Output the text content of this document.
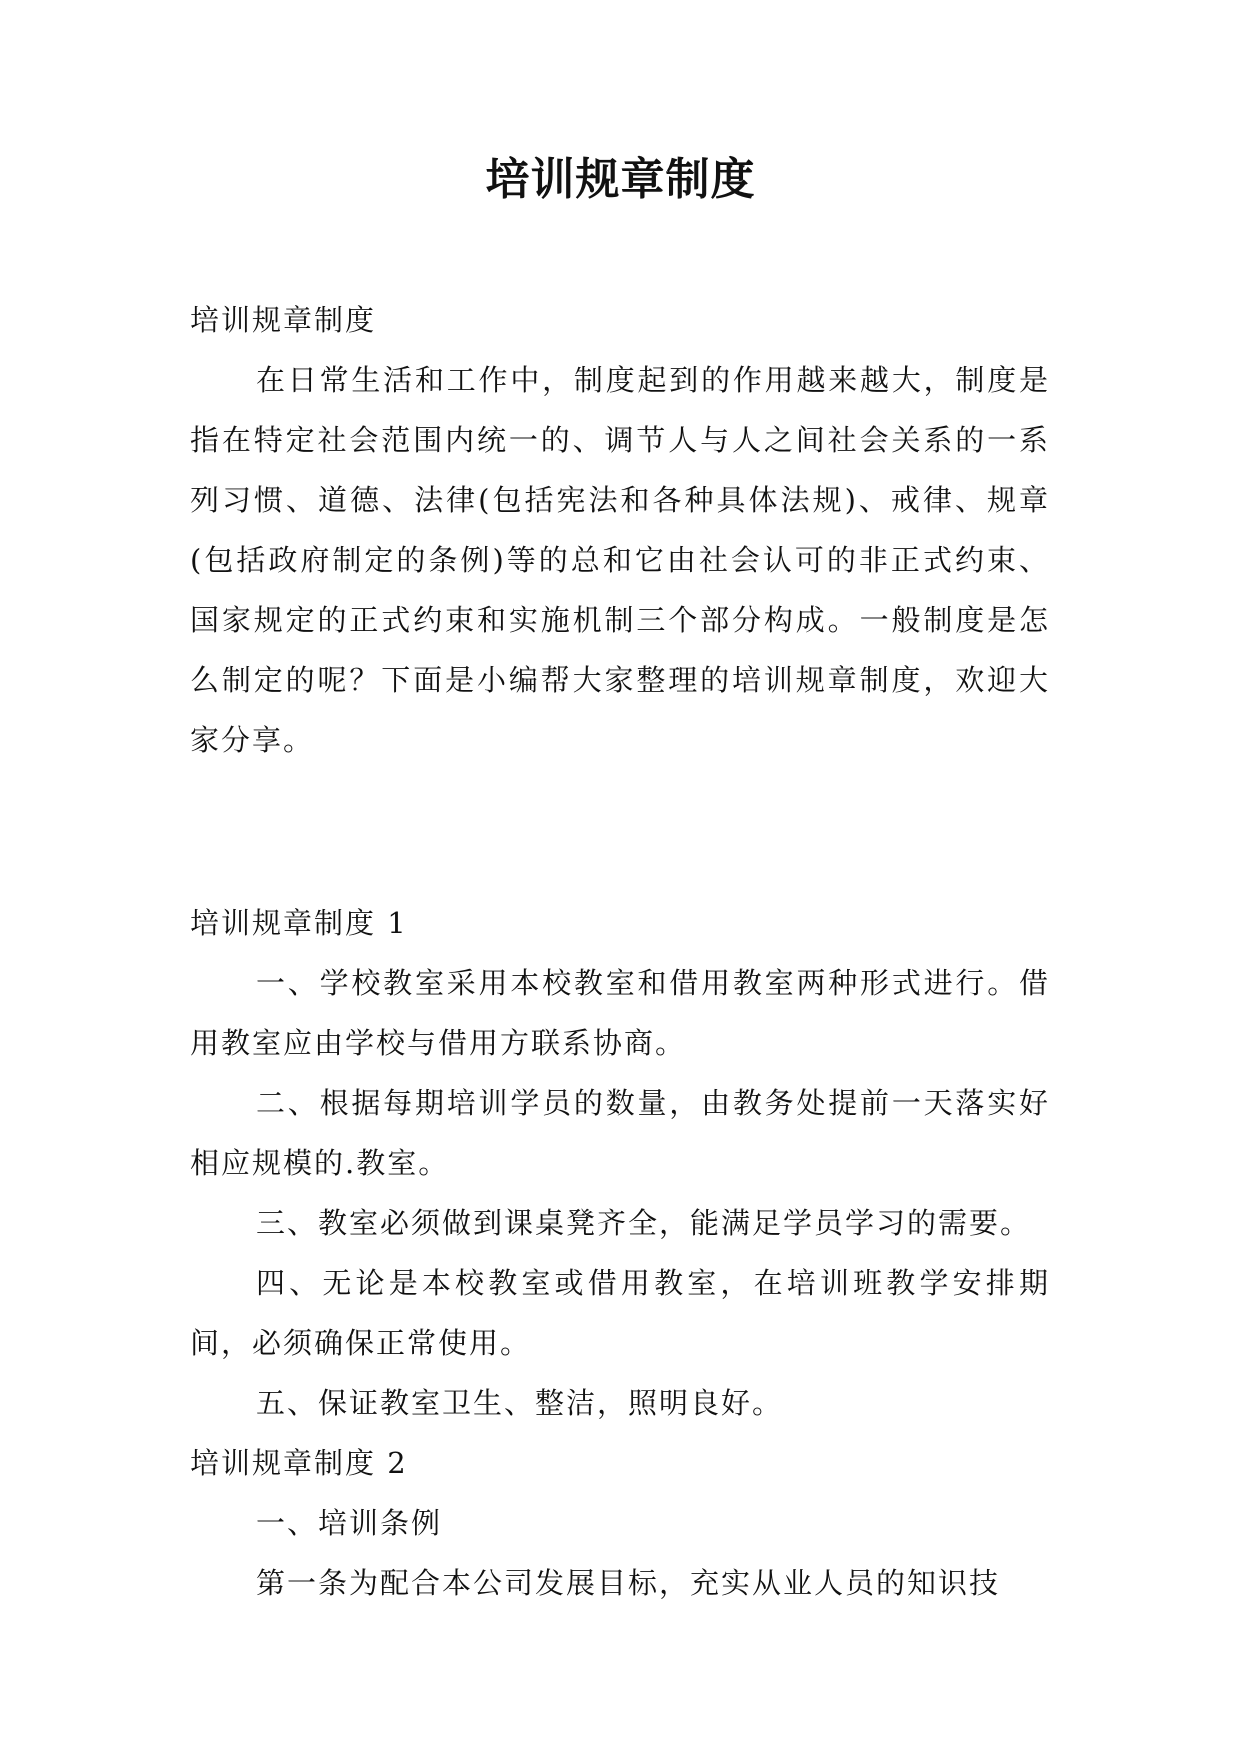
培训规章制度

培训规章制度

在日常生活和工作中，制度起到的作用越来越大，制度是指在特定社会范围内统一的、调节人与人之间社会关系的一系列习惯、道德、法律(包括宪法和各种具体法规)、戒律、规章(包括政府制定的条例)等的总和它由社会认可的非正式约束、国家规定的正式约束和实施机制三个部分构成。一般制度是怎么制定的呢？下面是小编帮大家整理的培训规章制度，欢迎大家分享。

培训规章制度 1

一、学校教室采用本校教室和借用教室两种形式进行。借用教室应由学校与借用方联系协商。

二、根据每期培训学员的数量，由教务处提前一天落实好相应规模的.教室。

三、教室必须做到课桌凳齐全，能满足学员学习的需要。

四、无论是本校教室或借用教室，在培训班教学安排期间，必须确保正常使用。

五、保证教室卫生、整洁，照明良好。

培训规章制度 2

一、培训条例

第一条为配合本公司发展目标，充实从业人员的知识技
